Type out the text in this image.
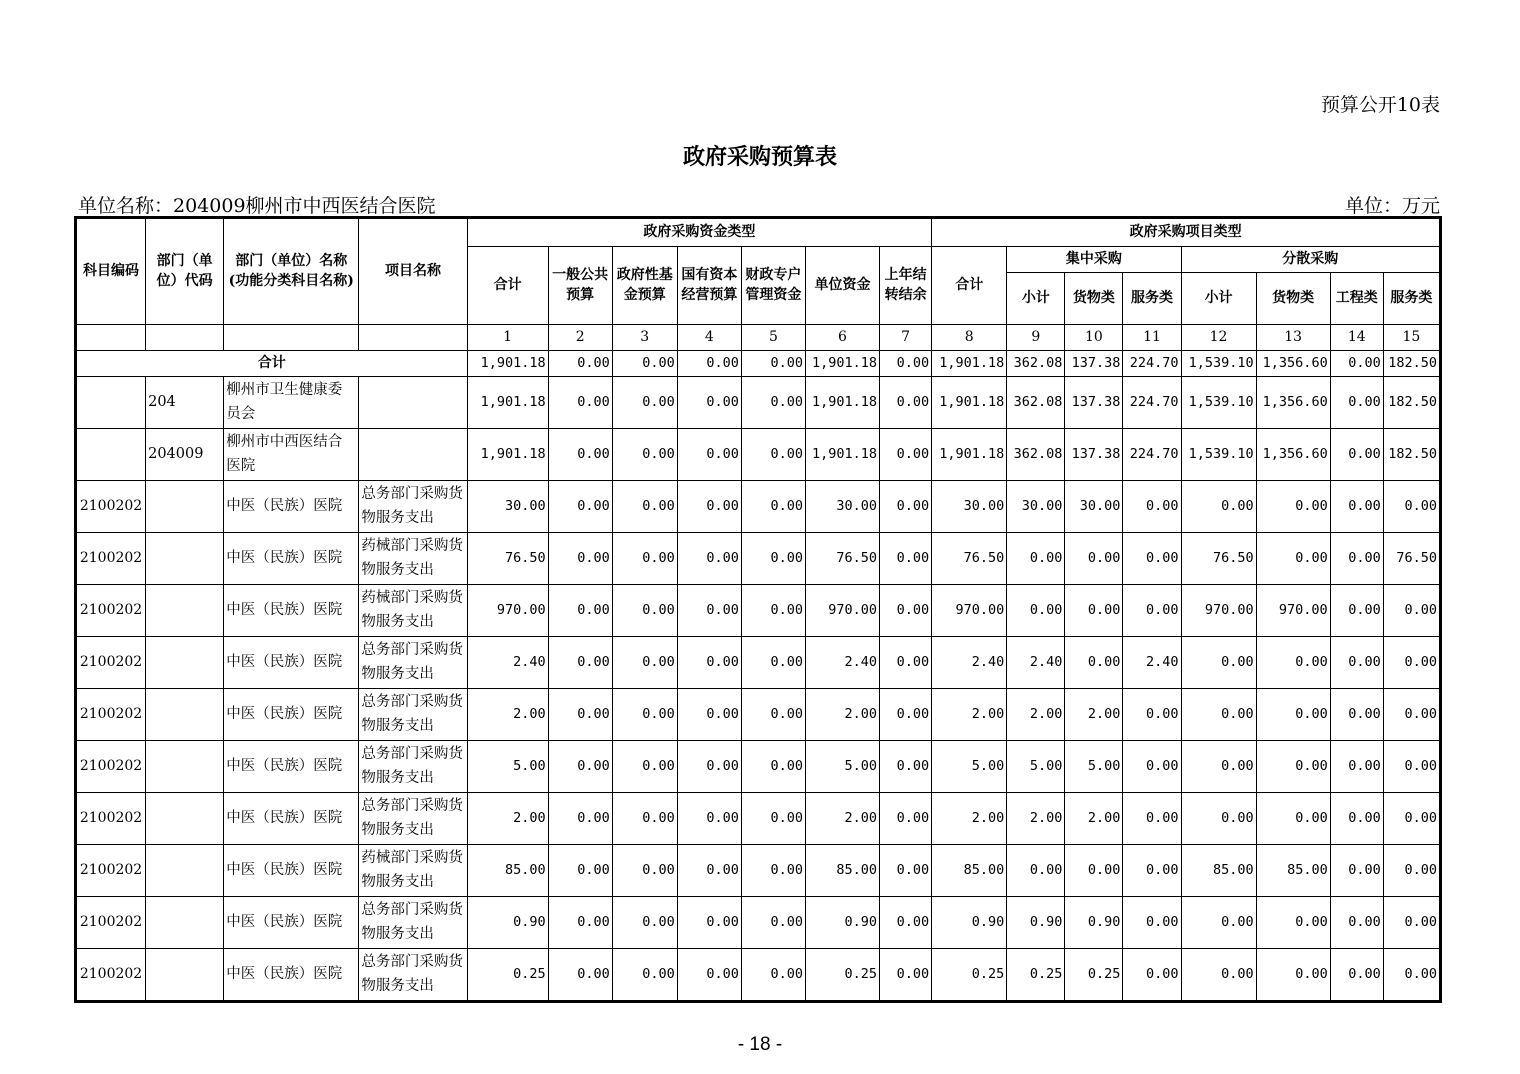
预算公开10表
政府采购预算表
单位名称：204009柳州市中西医结合医院	单位：万元
科目编码	部门（单位）代码	部门（单位）名称(功能分类科目名称)	项目名称	政府采购资金类型							政府采购项目类型							
				合计	一般公共预算	政府性基金预算	国有资本经营预算	财政专户管理资金	单位资金	上年结转结余	合计	集中采购			分散采购			
												小计	货物类	服务类	小计	货物类	工程类	服务类
				1	2	3	4	5	6	7	8	9	10	11	12	13	14	15
合计				1,901.18	0.00	0.00	0.00	0.00	1,901.18	0.00	1,901.18	362.08	137.38	224.70	1,539.10	1,356.60	0.00	182.50
	204	柳州市卫生健康委员会		1,901.18	0.00	0.00	0.00	0.00	1,901.18	0.00	1,901.18	362.08	137.38	224.70	1,539.10	1,356.60	0.00	182.50
	204009	柳州市中西医结合医院		1,901.18	0.00	0.00	0.00	0.00	1,901.18	0.00	1,901.18	362.08	137.38	224.70	1,539.10	1,356.60	0.00	182.50
2100202		中医（民族）医院	总务部门采购货物服务支出	30.00	0.00	0.00	0.00	0.00	30.00	0.00	30.00	30.00	30.00	0.00	0.00	0.00	0.00	0.00
2100202		中医（民族）医院	药械部门采购货物服务支出	76.50	0.00	0.00	0.00	0.00	76.50	0.00	76.50	0.00	0.00	0.00	76.50	0.00	0.00	76.50
2100202		中医（民族）医院	药械部门采购货物服务支出	970.00	0.00	0.00	0.00	0.00	970.00	0.00	970.00	0.00	0.00	0.00	970.00	970.00	0.00	0.00
2100202		中医（民族）医院	总务部门采购货物服务支出	2.40	0.00	0.00	0.00	0.00	2.40	0.00	2.40	2.40	0.00	2.40	0.00	0.00	0.00	0.00
2100202		中医（民族）医院	总务部门采购货物服务支出	2.00	0.00	0.00	0.00	0.00	2.00	0.00	2.00	2.00	2.00	0.00	0.00	0.00	0.00	0.00
2100202		中医（民族）医院	总务部门采购货物服务支出	5.00	0.00	0.00	0.00	0.00	5.00	0.00	5.00	5.00	5.00	0.00	0.00	0.00	0.00	0.00
2100202		中医（民族）医院	总务部门采购货物服务支出	2.00	0.00	0.00	0.00	0.00	2.00	0.00	2.00	2.00	2.00	0.00	0.00	0.00	0.00	0.00
2100202		中医（民族）医院	药械部门采购货物服务支出	85.00	0.00	0.00	0.00	0.00	85.00	0.00	85.00	0.00	0.00	0.00	85.00	85.00	0.00	0.00
2100202		中医（民族）医院	总务部门采购货物服务支出	0.90	0.00	0.00	0.00	0.00	0.90	0.00	0.90	0.90	0.90	0.00	0.00	0.00	0.00	0.00
2100202		中医（民族）医院	总务部门采购货物服务支出	0.25	0.00	0.00	0.00	0.00	0.25	0.00	0.25	0.25	0.25	0.00	0.00	0.00	0.00	0.00
- 18 -
